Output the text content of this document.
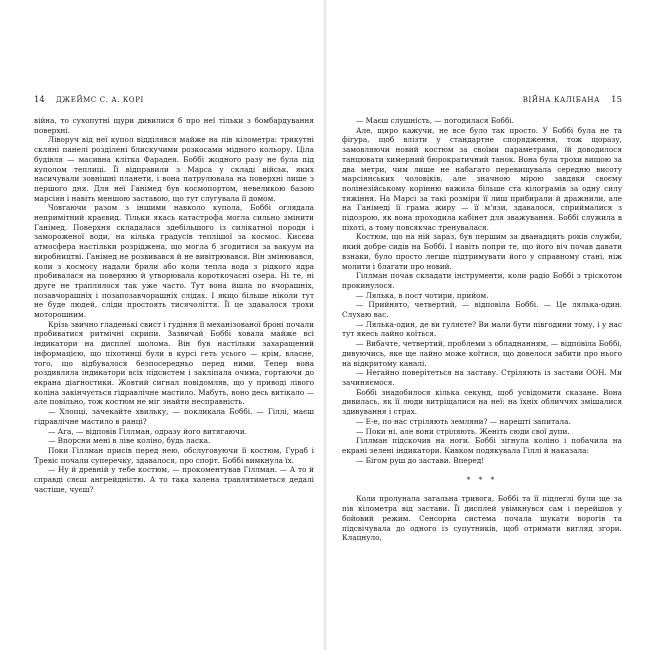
14 ДЖЕЙМС С. А. КОРІ

війна, то сухопутні щури дивилися б про неї тільки з бомбардування поверхні.

Ліворуч від неї купол відділявся майже на пів кілометра: трикутні скляні панелі розділені блискучими розкосами мідного кольору. Ціла будівля — масивна клітка Фарадея. Боббі жодного разу не була під куполом теплиці. Її відправили з Марса у складі військ, яких насичували зовнішні планети, і вона патрулювала на поверхні лише з першого дня. Для неї Ганімед був космопортом, невеликою базою марсіян і навіть меншою заставою, що тут слугувала її домом.

Човгаючи разом з іншими навколо купола, Боббі оглядала непримітний краєвид. Тільки якась катастрофа могла сильно змінити Ганімед. Поверхня складалася здебільшого із силікатної породи і замороженої води, на кілька градусів теплішої за космос. Кисєва атмосфера настільки розріджена, що могла б згодитися за вакуум на виробництві. Ганімед не розвивався й не вивітрювався. Він змінювався, коли з космосу надали брили або коли тепла вода з рідкого ядра пробивалася на поверхню й утворювала короткочасні озера. Ні те, ні друге не траплялося так уже часто. Тут вона йшла по вчорашніх, позавчорашніх і позапозавчорашніх слідах. І якщо більше ніколи тут не буде людей, сліди простоять тисячоліття. Її це здавалося трохи моторошним.

Крізь звично гладенькі свист і гудіння її механізованої броні почали пробиватися ритмічні скрипи. Зазвичай Боббі ховала майже всі індикатори на дисплеї шолома. Він був настільки захаращений інформацією, що піхотинці були в курсі геть усього — крім, власне, того, що відбувалося безпосередньо перед ними. Тепер вона роздивляла індикатори всіх підсистем і закліпала очима, гортаючи до екрана діагностики. Жовтий сигнал повідомляв, що у приводі лівого коліна закінчується гідравлічне мастило. Мабуть, воно десь витікало — але повільно, тож костюм не міг знайти несправність.

— Хлопці, зачекайте хвильку, — покликала Боббі. — Гіллі, маєш гідравлічне мастило в ранці?

— Ага, — відповів Гіллман, одразу його витягаючи.

— Впорсни мені в ліве коліно, будь ласка.

Поки Гіллман присів перед нею, обслуговуючи її костюм, Гураб і Тревіс почали суперечку, здавалося, про спорт. Боббі вимкнула їх.

— Ну й древній у тебе костюм, — прокоментував Гіллман. — А то й справді сяєш ангрейдністю. А то така халена травлятиметься дедалі частіше, чуєш?

ВІЙНА КАЛІБАНА 15

— Маєш слушність, — погодилася Боббі.

Але, щиро кажучи, не все було так просто. У Боббі була не та фігура, щоб влізти у стандартне спорядження, тож щоразу, замовляючи новий костюм за своїми параметрами, їй доводилося танцювати химерний бюрократичний танок. Вона була трохи вищою за два метри, чим лише не набагато перевищувала середню висоту марсіянських чоловіків, але значною мірою завдяки своєму полінезійському корінню важила більше ста кілограмів за одну силу тяжіння. На Марсі за такі розміри її лиш прибирали й дражнили, але на Ганімеді її грама жиру — її м'язи, здавалося, сприймалися з підозрою, як вона проходила кабінет для зважування. Боббі служила в піхоті, а тому повсякчас тренувалася.

Костюм, що на ній зараз, був першим за дванадцять років служби, який добре сидів на Боббі. І навіть попри те, що його віч почав давати взнаки, було просто легше підтримувати його у справному стані, ніж молити і благати про новий.

Гіллман почав складати інструменти, коли радіо Боббі з тріскотом прокинулося.

— Лялька, в пост чотири, прийом.

— Прийнято, четвертий, — відповіла Боббі. — Це лялька-один. Слухаю вас.

— Лялька-один, де ви гуляєте? Ви мали бути півгодини тому, і у нас тут якесь лайно коїться.

— Вибачте, четвертий, проблеми з обладнанням, — відповіла Боббі, дивуючись, яке ще лайно може коїтися, що довелося забити про нього на відкритому каналі.

— Негайно поверітеться на заставу. Стріляють із застави ООН. Ми зачиняємося.

Боббі знадобилося кілька секунд, щоб усвідомити сказане. Вона дивилась, як її люди витріщалися на неї: на їхніх обличчях змішалися здивування і страх.

— Е-е, по нас стріляють земляни? — нарешті запитала.

— Поки ні, але вони стріляють. Женіть сюди свої дупи.

Гіллман підскочив на ноги. Боббі зігнула коліно і побачила на екрані зелені індикатори. Кивком подякувала Гіллі й наказала:

— Бігом руш до застави. Вперед!

* * *

Коли пролунала загальна тривога, Боббі та її підлеглі були ще за пів кілометра від застави. Її дисплей увімкнувся сам і перейшов у бойовий режим. Сенсорна система почала шукати ворогів та підсвічувала до одного із супутників, щоб отримати вигляд згори. Клацнуло,
